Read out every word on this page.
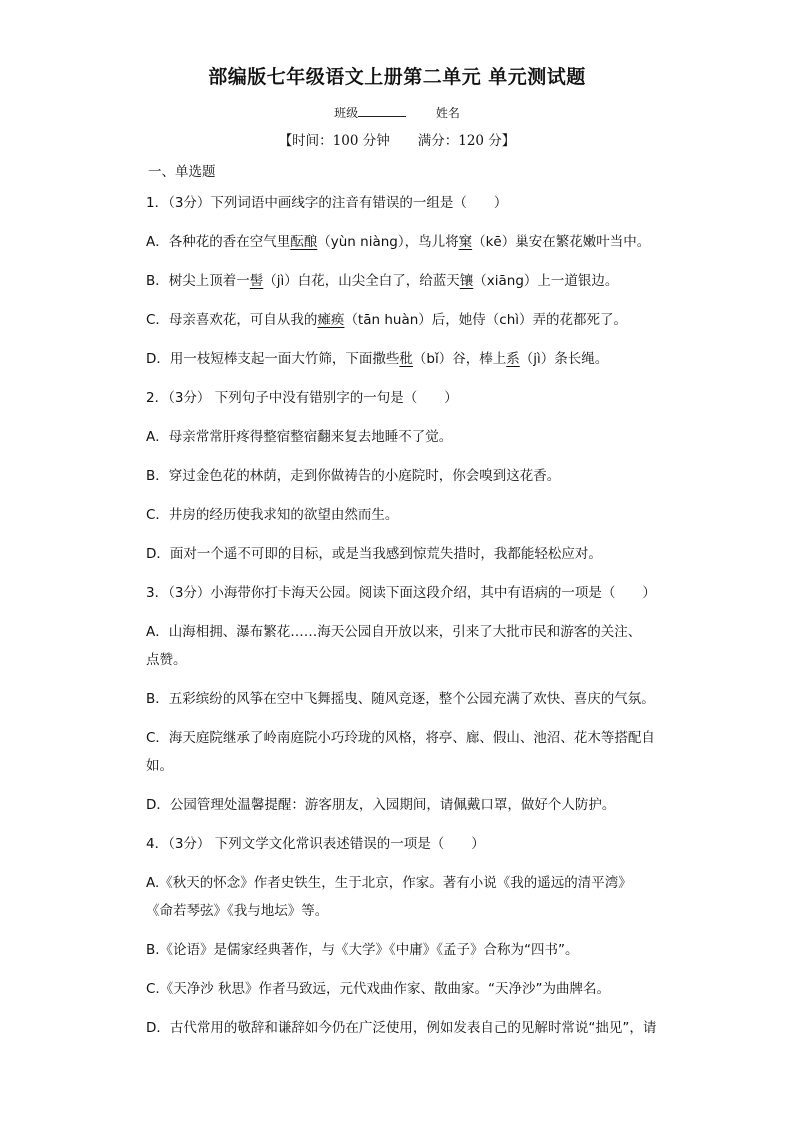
部编版七年级语文上册第二单元 单元测试题
班级	姓名
【时间：100 分钟 满分：120 分】
一、单选题
1．（3分）下列词语中画线字的注音有错误的一组是（　　）
A．各种花的香在空气里酝酿（yùn niàng），鸟儿将窠（kē）巢安在繁花嫩叶当中。
B．树尖上顶着一髻（jì）白花，山尖全白了，给蓝天镶（xiāng）上一道银边。
C．母亲喜欢花，可自从我的瘫痪（tān huàn）后，她侍（chì）弄的花都死了。
D．用一枝短棒支起一面大竹筛，下面撒些秕（bǐ）谷，棒上系（jì）条长绳。
2．（3分） 下列句子中没有错别字的一句是（　　）
A．母亲常常肝疼得整宿整宿翻来复去地睡不了觉。
B．穿过金色花的林荫，走到你做祷告的小庭院时，你会嗅到这花香。
C．井房的经历使我求知的欲望由然而生。
D．面对一个遥不可即的目标，或是当我感到惊荒失措时，我都能轻松应对。
3．（3分）小海带你打卡海天公园。阅读下面这段介绍，其中有语病的一项是（　　）
A．山海相拥、瀑布繁花……海天公园自开放以来，引来了大批市民和游客的关注、
点赞。
B．五彩缤纷的风筝在空中飞舞摇曳、随风竞逐，整个公园充满了欢快、喜庆的气氛。
C．海天庭院继承了岭南庭院小巧玲珑的风格，将亭、廊、假山、池沼、花木等搭配自
如。
D．公园管理处温馨提醒：游客朋友，入园期间，请佩戴口罩，做好个人防护。
4．（3分） 下列文学文化常识表述错误的一项是（　　）
A.《秋天的怀念》作者史铁生，生于北京，作家。著有小说《我的遥远的清平湾》
《命若琴弦》《我与地坛》等。
B.《论语》是儒家经典著作，与《大学》《中庸》《孟子》合称为“四书”。
C.《天净沙 秋思》作者马致远，元代戏曲作家、散曲家。“天净沙”为曲牌名。
D．古代常用的敬辞和谦辞如今仍在广泛使用，例如发表自己的见解时常说“拙见”，请
